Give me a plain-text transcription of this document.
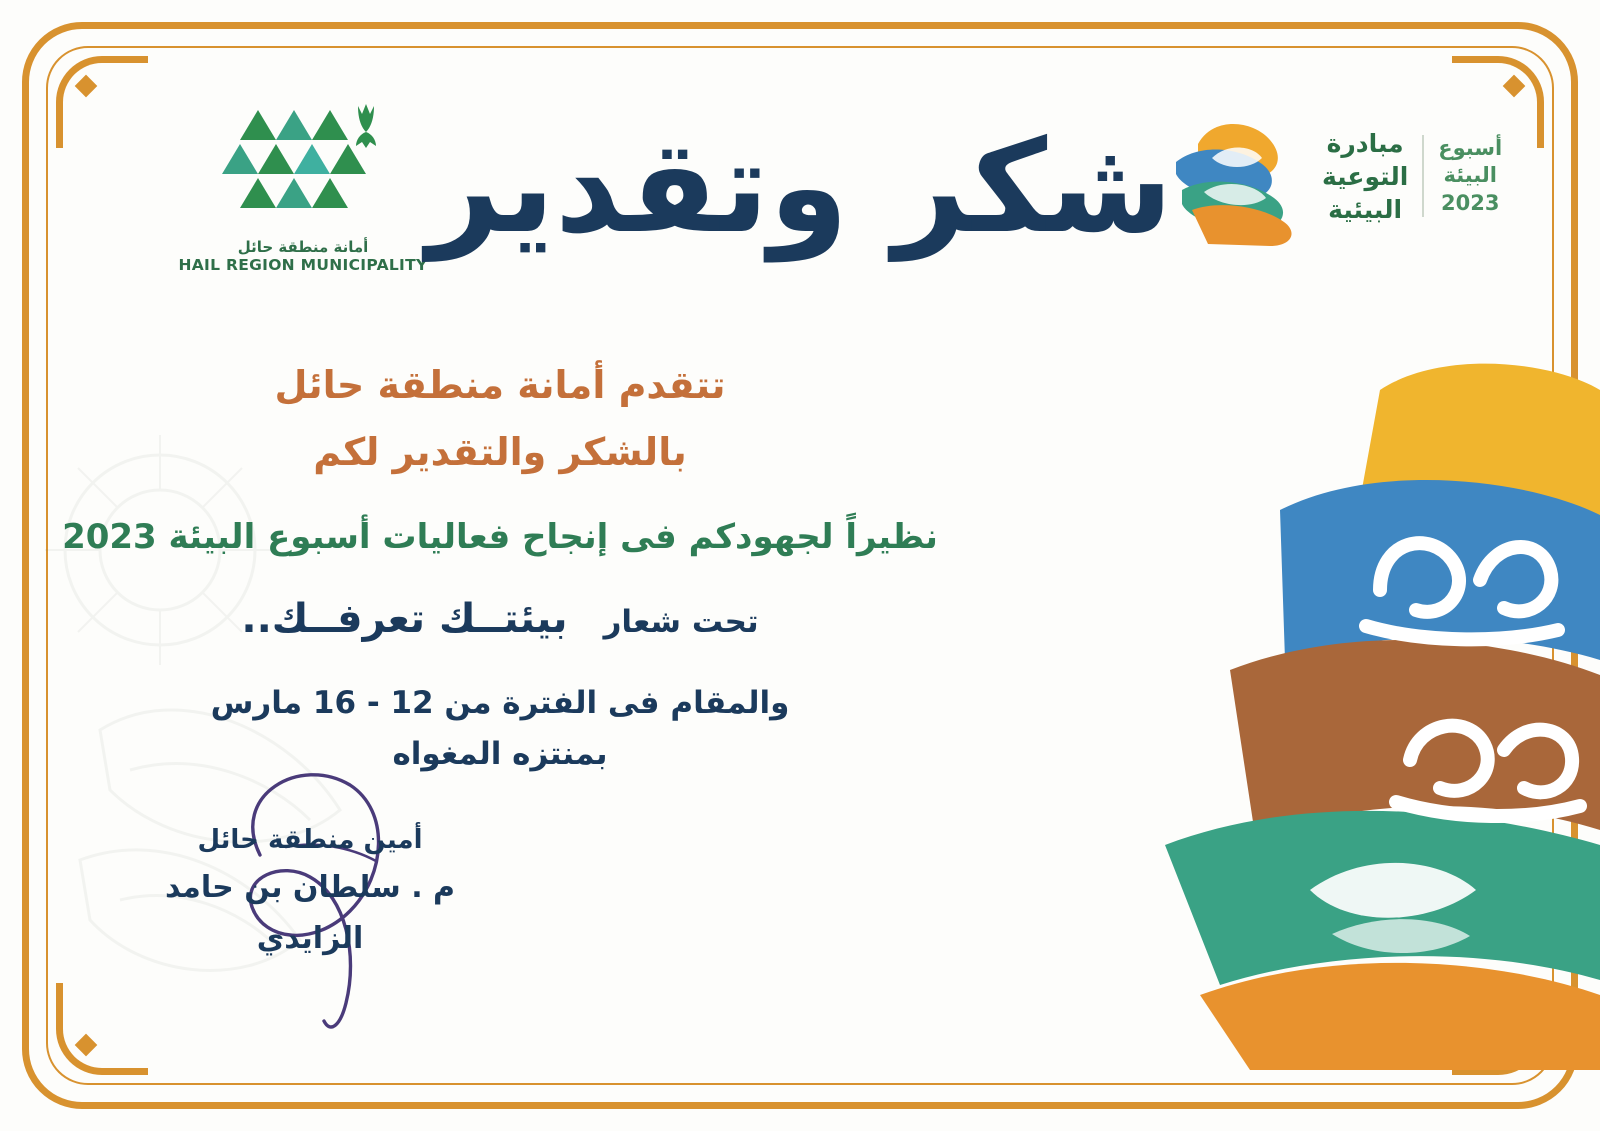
مبادرة
التوعية
البيئية
أسبوع
البيئة
2023
أمانة منطقة حائل
HAIL REGION MUNICIPALITY
شكر وتقدير
تتقدم أمانة منطقة حائل
بالشكر والتقدير لكم
نظيراً لجهودكم فى إنجاح فعاليات أسبوع البيئة 2023
تحت شعار
بيئتــك تعرفــك..
والمقام فى الفترة من 12 - 16 مارس
بمنتزه المغواه
أمين منطقة حائل
م . سلطان بن حامد الزايدي
